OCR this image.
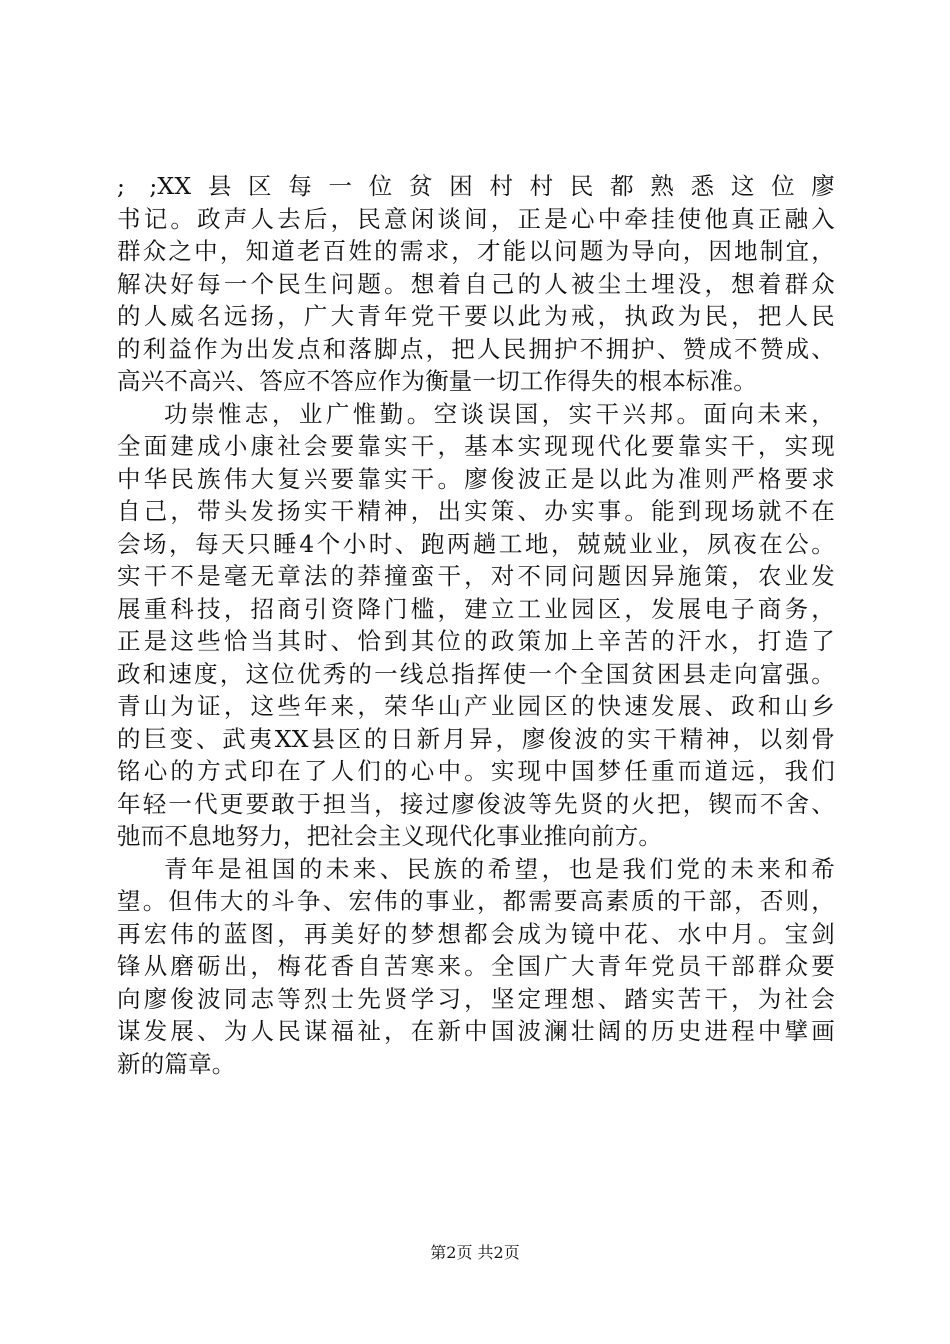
; ;XX县区每一位贫困村村民都熟悉这位廖
书记。政声人去后，民意闲谈间，正是心中牵挂使他真正融入
群众之中，知道老百姓的需求，才能以问题为导向，因地制宜，
解决好每一个民生问题。想着自己的人被尘土埋没，想着群众
的人威名远扬，广大青年党干要以此为戒，执政为民，把人民
的利益作为出发点和落脚点，把人民拥护不拥护、赞成不赞成、
高兴不高兴、答应不答应作为衡量一切工作得失的根本标准。
功崇惟志，业广惟勤。空谈误国，实干兴邦。面向未来，
全面建成小康社会要靠实干，基本实现现代化要靠实干，实现
中华民族伟大复兴要靠实干。廖俊波正是以此为准则严格要求
自己，带头发扬实干精神，出实策、办实事。能到现场就不在
会场，每天只睡4个小时、跑两趟工地，兢兢业业，夙夜在公。
实干不是毫无章法的莽撞蛮干，对不同问题因异施策，农业发
展重科技，招商引资降门槛，建立工业园区，发展电子商务，
正是这些恰当其时、恰到其位的政策加上辛苦的汗水，打造了
政和速度，这位优秀的一线总指挥使一个全国贫困县走向富强。
青山为证，这些年来，荣华山产业园区的快速发展、政和山乡
的巨变、武夷XX县区的日新月异，廖俊波的实干精神，以刻骨
铭心的方式印在了人们的心中。实现中国梦任重而道远，我们
年轻一代更要敢于担当，接过廖俊波等先贤的火把，锲而不舍、
弛而不息地努力，把社会主义现代化事业推向前方。
青年是祖国的未来、民族的希望，也是我们党的未来和希
望。但伟大的斗争、宏伟的事业，都需要高素质的干部，否则，
再宏伟的蓝图，再美好的梦想都会成为镜中花、水中月。宝剑
锋从磨砺出，梅花香自苦寒来。全国广大青年党员干部群众要
向廖俊波同志等烈士先贤学习，坚定理想、踏实苦干，为社会
谋发展、为人民谋福祉，在新中国波澜壮阔的历史进程中擘画
新的篇章。
第2页 共2页
